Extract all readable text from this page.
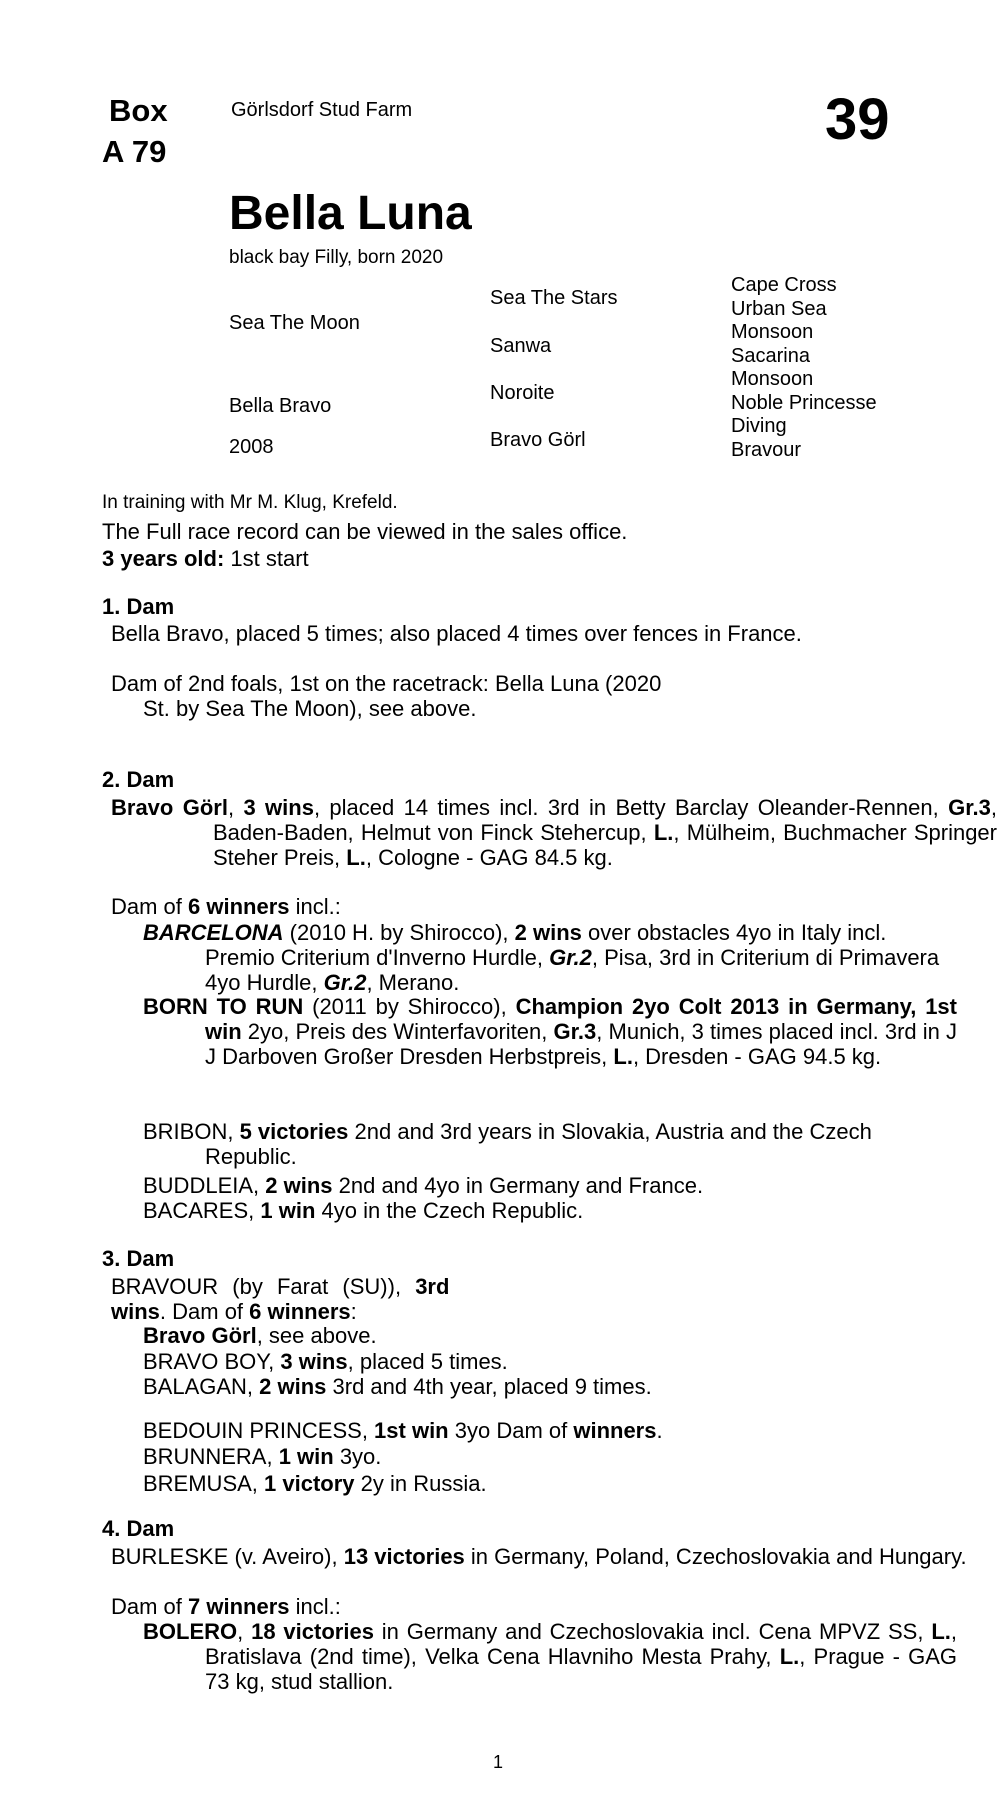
Box
A 79
Görlsdorf Stud Farm	39
Bella Luna
black bay Filly, born 2020
Sea The Moon
Bella Bravo
2008
Sea The Stars
Sanwa
Noroite
Bravo Görl
Cape Cross
Urban Sea
Monsoon
Sacarina
Monsoon
Noble Princesse
Diving
Bravour
In training with Mr M. Klug, Krefeld.
The Full race record can be viewed in the sales office.
3 years old: 1st start
1. Dam
Bella Bravo, placed 5 times; also placed 4 times over fences in France.
Dam of 2nd foals, 1st on the racetrack: Bella Luna (2020 St. by Sea The Moon), see above.
2. Dam
Bravo Görl, 3 wins, placed 14 times incl. 3rd in Betty Barclay Oleander-Rennen, Gr.3, Baden-Baden, Helmut von Finck Stehercup, L., Mülheim, Buchmacher Springer Steher Preis, L., Cologne - GAG 84.5 kg.
Dam of 6 winners incl.:
BARCELONA (2010 H. by Shirocco), 2 wins over obstacles 4yo in Italy incl. Premio Criterium d'Inverno Hurdle, Gr.2, Pisa, 3rd in Criterium di Primavera 4yo Hurdle, Gr.2, Merano.
BORN TO RUN (2011 by Shirocco), Champion 2yo Colt 2013 in Germany, 1st win 2yo, Preis des Winterfavoriten, Gr.3, Munich, 3 times placed incl. 3rd in J J Darboven Großer Dresden Herbstpreis, L., Dresden - GAG 94.5 kg.
BRIBON, 5 victories 2nd and 3rd years in Slovakia, Austria and the Czech Republic.
BUDDLEIA, 2 wins 2nd and 4yo in Germany and France.
BACARES, 1 win 4yo in the Czech Republic.
3. Dam
BRAVOUR (by Farat (SU)), 3rd
wins. Dam of 6 winners:
Bravo Görl, see above.
BRAVO BOY, 3 wins, placed 5 times.
BALAGAN, 2 wins 3rd and 4th year, placed 9 times.
BEDOUIN PRINCESS, 1st win 3yo Dam of winners.
BRUNNERA, 1 win 3yo.
BREMUSA, 1 victory 2y in Russia.
4. Dam
BURLESKE (v. Aveiro), 13 victories in Germany, Poland, Czechoslovakia and Hungary.
Dam of 7 winners incl.:
BOLERO, 18 victories in Germany and Czechoslovakia incl. Cena MPVZ SS, L., Bratislava (2nd time), Velka Cena Hlavniho Mesta Prahy, L., Prague - GAG 73 kg, stud stallion.
1
